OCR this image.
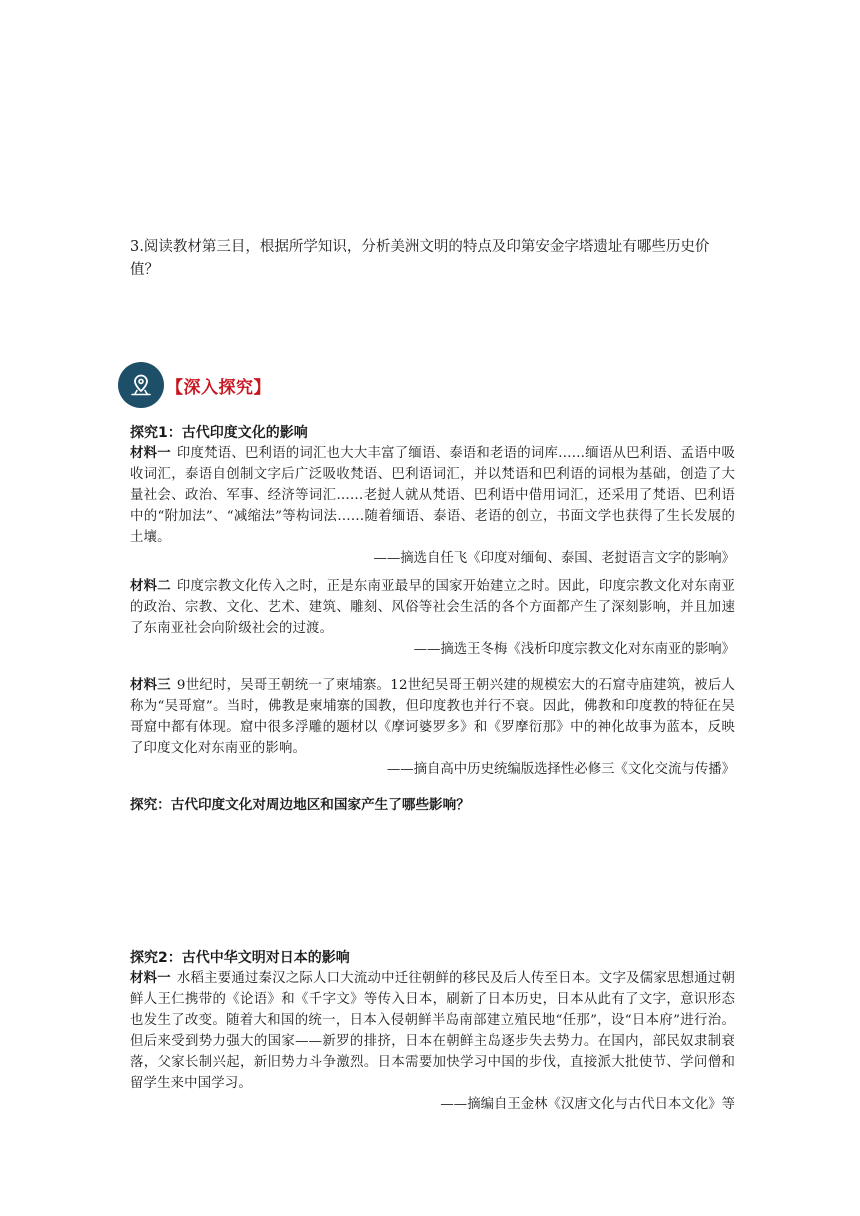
3.阅读教材第三目，根据所学知识，分析美洲文明的特点及印第安金字塔遗址有哪些历史价值？

【深入探究】

探究1：古代印度文化的影响

材料一 印度梵语、巴利语的词汇也大大丰富了缅语、泰语和老语的词库……缅语从巴利语、孟语中吸收词汇，泰语自创制文字后广泛吸收梵语、巴利语词汇，并以梵语和巴利语的词根为基础，创造了大量社会、政治、军事、经济等词汇……老挝人就从梵语、巴利语中借用词汇，还采用了梵语、巴利语中的“附加法”、“减缩法”等构词法……随着缅语、泰语、老语的创立，书面文学也获得了生长发展的土壤。

——摘选自任飞《印度对缅甸、泰国、老挝语言文字的影响》

材料二 印度宗教文化传入之时，正是东南亚最早的国家开始建立之时。因此，印度宗教文化对东南亚的政治、宗教、文化、艺术、建筑、雕刻、风俗等社会生活的各个方面都产生了深刻影响，并且加速了东南亚社会向阶级社会的过渡。

——摘选王冬梅《浅析印度宗教文化对东南亚的影响》

材料三 9世纪时，吴哥王朝统一了柬埔寨。12世纪吴哥王朝兴建的规模宏大的石窟寺庙建筑，被后人称为“吴哥窟”。当时，佛教是柬埔寨的国教，但印度教也并行不衰。因此，佛教和印度教的特征在吴哥窟中都有体现。窟中很多浮雕的题材以《摩诃婆罗多》和《罗摩衍那》中的神化故事为蓝本，反映了印度文化对东南亚的影响。

——摘自高中历史统编版选择性必修三《文化交流与传播》

探究：古代印度文化对周边地区和国家产生了哪些影响？

探究2：古代中华文明对日本的影响

材料一 水稻主要通过秦汉之际人口大流动中迁往朝鲜的移民及后人传至日本。文字及儒家思想通过朝鲜人王仁携带的《论语》和《千字文》等传入日本，刷新了日本历史，日本从此有了文字，意识形态也发生了改变。随着大和国的统一，日本入侵朝鲜半岛南部建立殖民地“任那”，设“日本府”进行治。但后来受到势力强大的国家——新罗的排挤，日本在朝鲜主岛逐步失去势力。在国内，部民奴隶制衰落，父家长制兴起，新旧势力斗争激烈。日本需要加快学习中国的步伐，直接派大批使节、学问僧和留学生来中国学习。

——摘编自王金林《汉唐文化与古代日本文化》等
